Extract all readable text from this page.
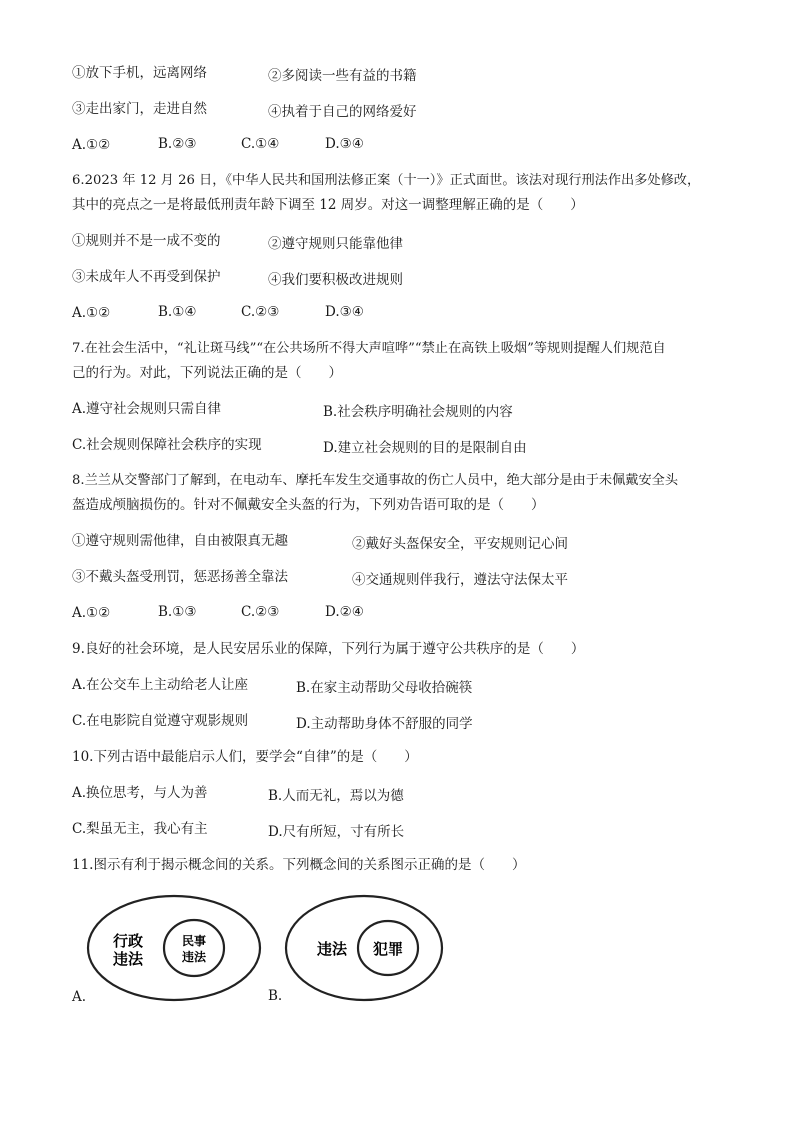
①放下手机，远离网络	②多阅读一些有益的书籍
③走出家门，走进自然	④执着于自己的网络爱好
A.①②	B.②③	C.①④	D.③④
6.2023 年 12 月 26 日，《中华人民共和国刑法修正案（十一）》正式面世。该法对现行刑法作出多处修改，
其中的亮点之一是将最低刑责年龄下调至 12 周岁。对这一调整理解正确的是（　　）
①规则并不是一成不变的	②遵守规则只能靠他律
③未成年人不再受到保护	④我们要积极改进规则
A.①②	B.①④	C.②③	D.③④
7.在社会生活中，“礼让斑马线”“在公共场所不得大声喧哗”“禁止在高铁上吸烟”等规则提醒人们规范自
己的行为。对此，下列说法正确的是（　　）
A.遵守社会规则只需自律	B.社会秩序明确社会规则的内容
C.社会规则保障社会秩序的实现	D.建立社会规则的目的是限制自由
8.兰兰从交警部门了解到，在电动车、摩托车发生交通事故的伤亡人员中，绝大部分是由于未佩戴安全头
盔造成颅脑损伤的。针对不佩戴安全头盔的行为，下列劝告语可取的是（　　）
①遵守规则需他律，自由被限真无趣	②戴好头盔保安全，平安规则记心间
③不戴头盔受刑罚，惩恶扬善全靠法	④交通规则伴我行，遵法守法保太平
A.①②	B.①③	C.②③	D.②④
9.良好的社会环境，是人民安居乐业的保障，下列行为属于遵守公共秩序的是（　　）
A.在公交车上主动给老人让座	B.在家主动帮助父母收拾碗筷
C.在电影院自觉遵守观影规则	D.主动帮助身体不舒服的同学
10.下列古语中最能启示人们，要学会“自律”的是（　　）
A.换位思考，与人为善	B.人而无礼，焉以为德
C.梨虽无主，我心有主	D.尺有所短，寸有所长
11.图示有利于揭示概念间的关系。下列概念间的关系图示正确的是（　　）
行政
违法
民事
违法
A.
违法 犯罪
B.
